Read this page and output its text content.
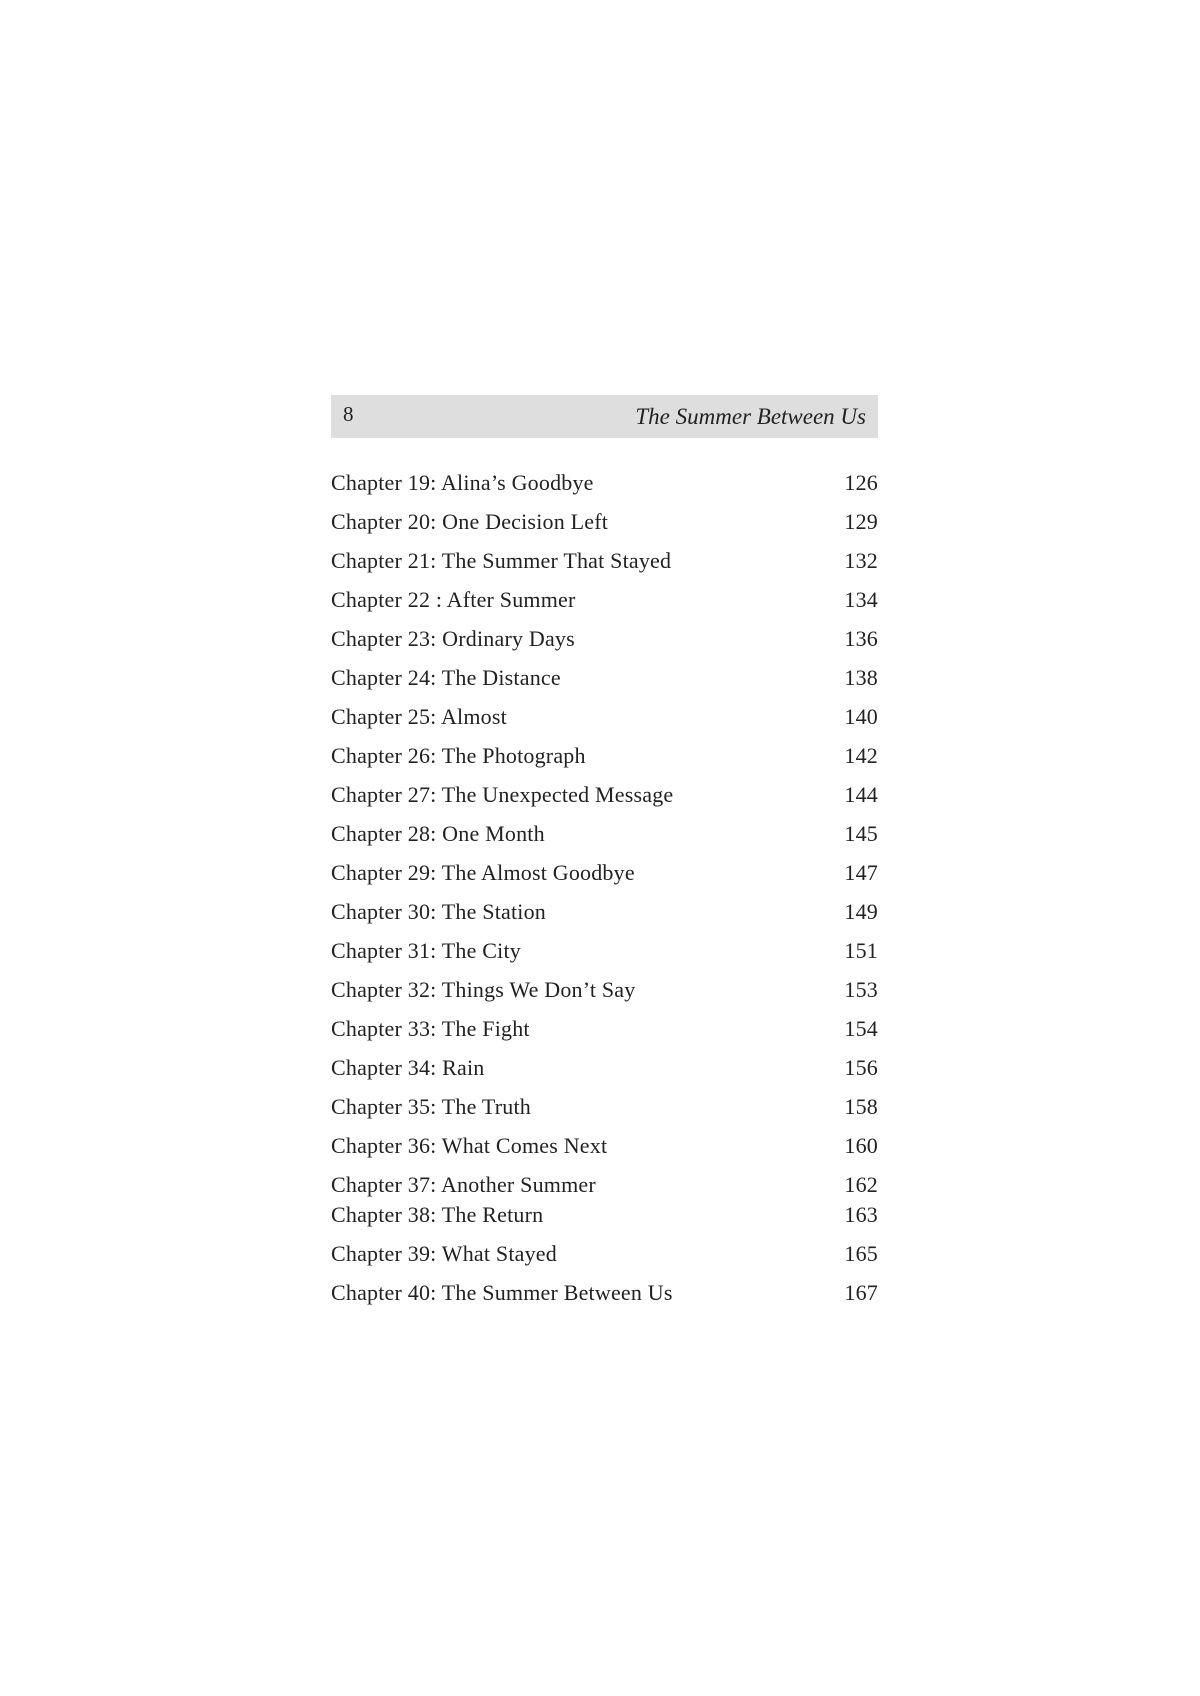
8	The Summer Between Us
Chapter 19: Alina’s Goodbye	126
Chapter 20: One Decision Left	129
Chapter 21: The Summer That Stayed	132
Chapter 22 : After Summer	134
Chapter 23: Ordinary Days	136
Chapter 24: The Distance	138
Chapter 25: Almost	140
Chapter 26: The Photograph	142
Chapter 27: The Unexpected Message	144
Chapter 28: One Month	145
Chapter 29: The Almost Goodbye	147
Chapter 30: The Station	149
Chapter 31: The City	151
Chapter 32: Things We Don’t Say	153
Chapter 33: The Fight	154
Chapter 34: Rain	156
Chapter 35: The Truth	158
Chapter 36: What Comes Next	160
Chapter 37: Another Summer	162
Chapter 38: The Return	163
Chapter 39: What Stayed	165
Chapter 40: The Summer Between Us	167
